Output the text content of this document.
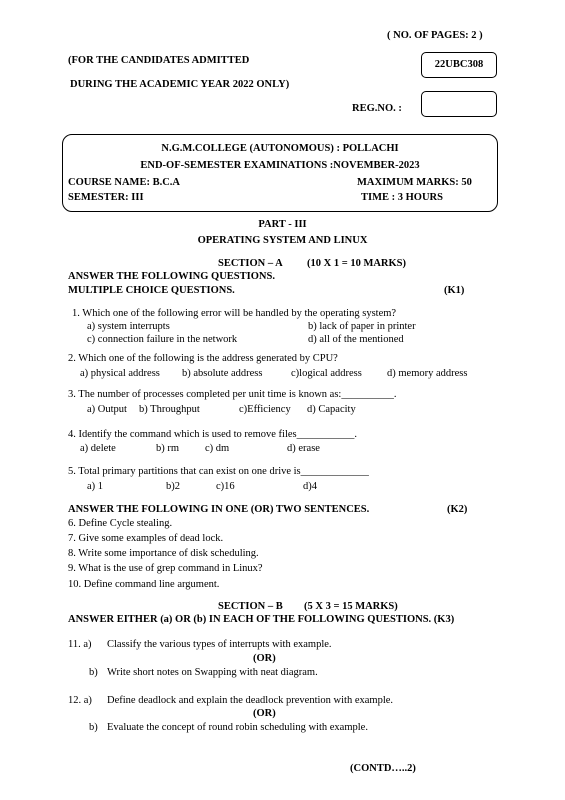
( NO. OF PAGES: 2 )
(FOR THE CANDIDATES ADMITTED
DURING THE ACADEMIC YEAR 2022 ONLY)
22UBC308
REG.NO. :
N.G.M.COLLEGE (AUTONOMOUS) : POLLACHI
END-OF-SEMESTER EXAMINATIONS :NOVEMBER-2023
COURSE NAME: B.C.A	MAXIMUM MARKS: 50
SEMESTER: III	TIME : 3 HOURS
PART - III
OPERATING SYSTEM AND LINUX
SECTION – A (10 X 1 = 10 MARKS)
ANSWER THE FOLLOWING QUESTIONS.
MULTIPLE CHOICE QUESTIONS.	(K1)
1. Which one of the following error will be handled by the operating system?
a) system interrupts	b) lack of paper in printer
c) connection failure in the network	d) all of the mentioned
2. Which one of the following is the address generated by CPU?
a) physical address b) absolute address	c)logical address d) memory address
3. The number of processes completed per unit time is known as:__________.
a) Output b) Throughput	c)Efficiency d) Capacity
4. Identify the command which is used to remove files___________.
a) delete	b) rm c) dm	d) erase
5. Total primary partitions that can exist on one drive is_____________
a) 1	b)2	c)16	d)4
ANSWER THE FOLLOWING IN ONE (OR) TWO SENTENCES.	(K2)
6. Define Cycle stealing.
7. Give some examples of dead lock.
8. Write some importance of disk scheduling.
9. What is the use of grep command in Linux?
10. Define command line argument.
SECTION – B (5 X 3 = 15 MARKS)
ANSWER EITHER (a) OR (b) IN EACH OF THE FOLLOWING QUESTIONS. (K3)
11. a) Classify the various types of interrupts with example.
(OR)
b) Write short notes on Swapping with neat diagram.
12. a) Define deadlock and explain the deadlock prevention with example.
(OR)
b) Evaluate the concept of round robin scheduling with example.
(CONTD…..2)
